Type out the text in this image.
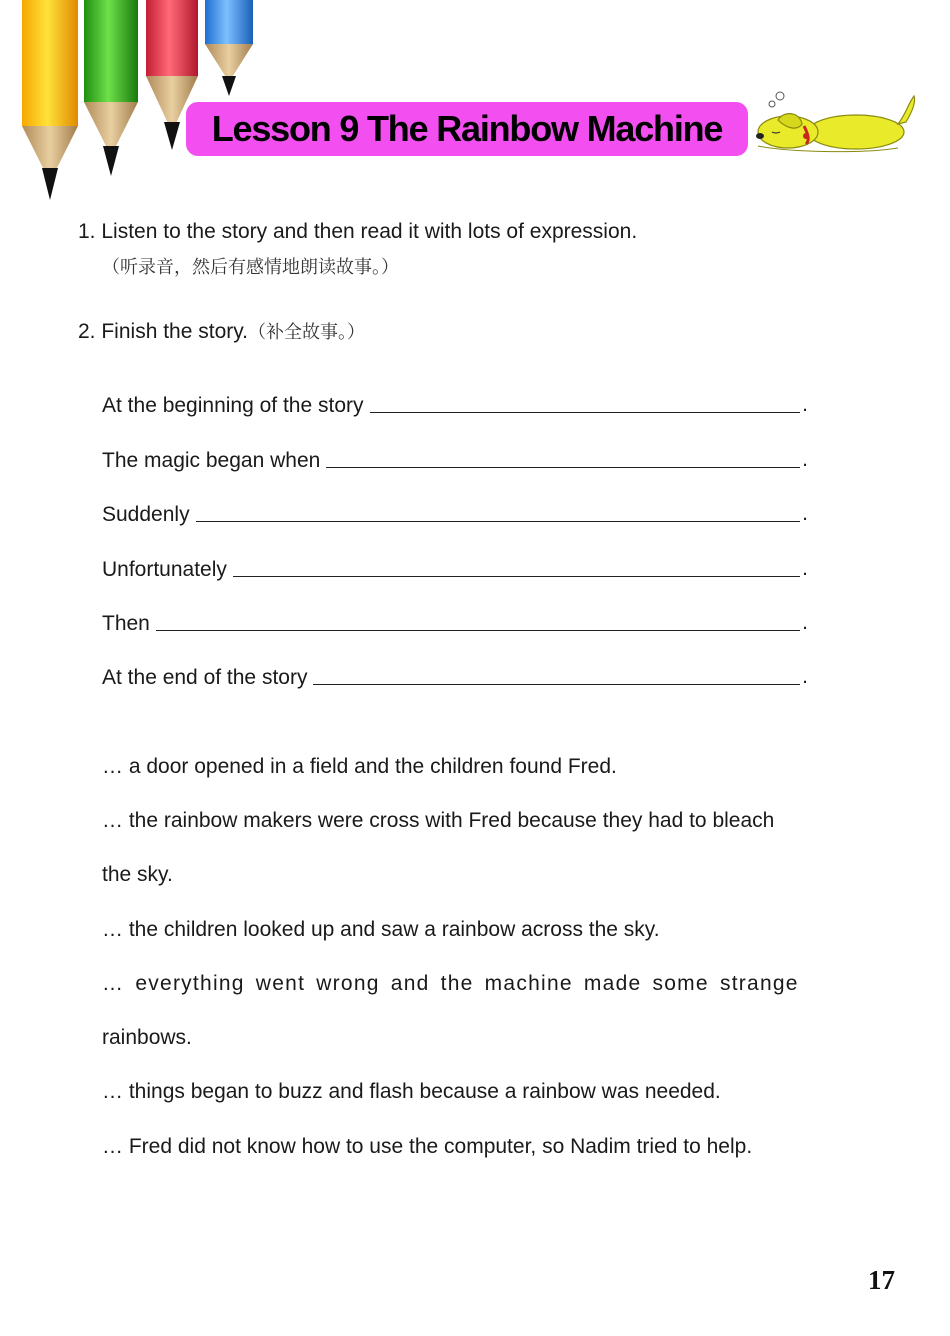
Lesson 9 The Rainbow Machine
1. Listen to the story and then read it with lots of expression.
（听录音，然后有感情地朗读故事。）
2. Finish the story.（补全故事。）
At the beginning of the story	.
The magic began when	.
Suddenly	.
Unfortunately	.
Then	.
At the end of the story	.
… a door opened in a field and the children found Fred.
… the rainbow makers were cross with Fred because they had to bleach
the sky.
… the children looked up and saw a rainbow across the sky.
… everything went wrong and the machine made some strange
rainbows.
… things began to buzz and flash because a rainbow was needed.
… Fred did not know how to use the computer, so Nadim tried to help.
17
